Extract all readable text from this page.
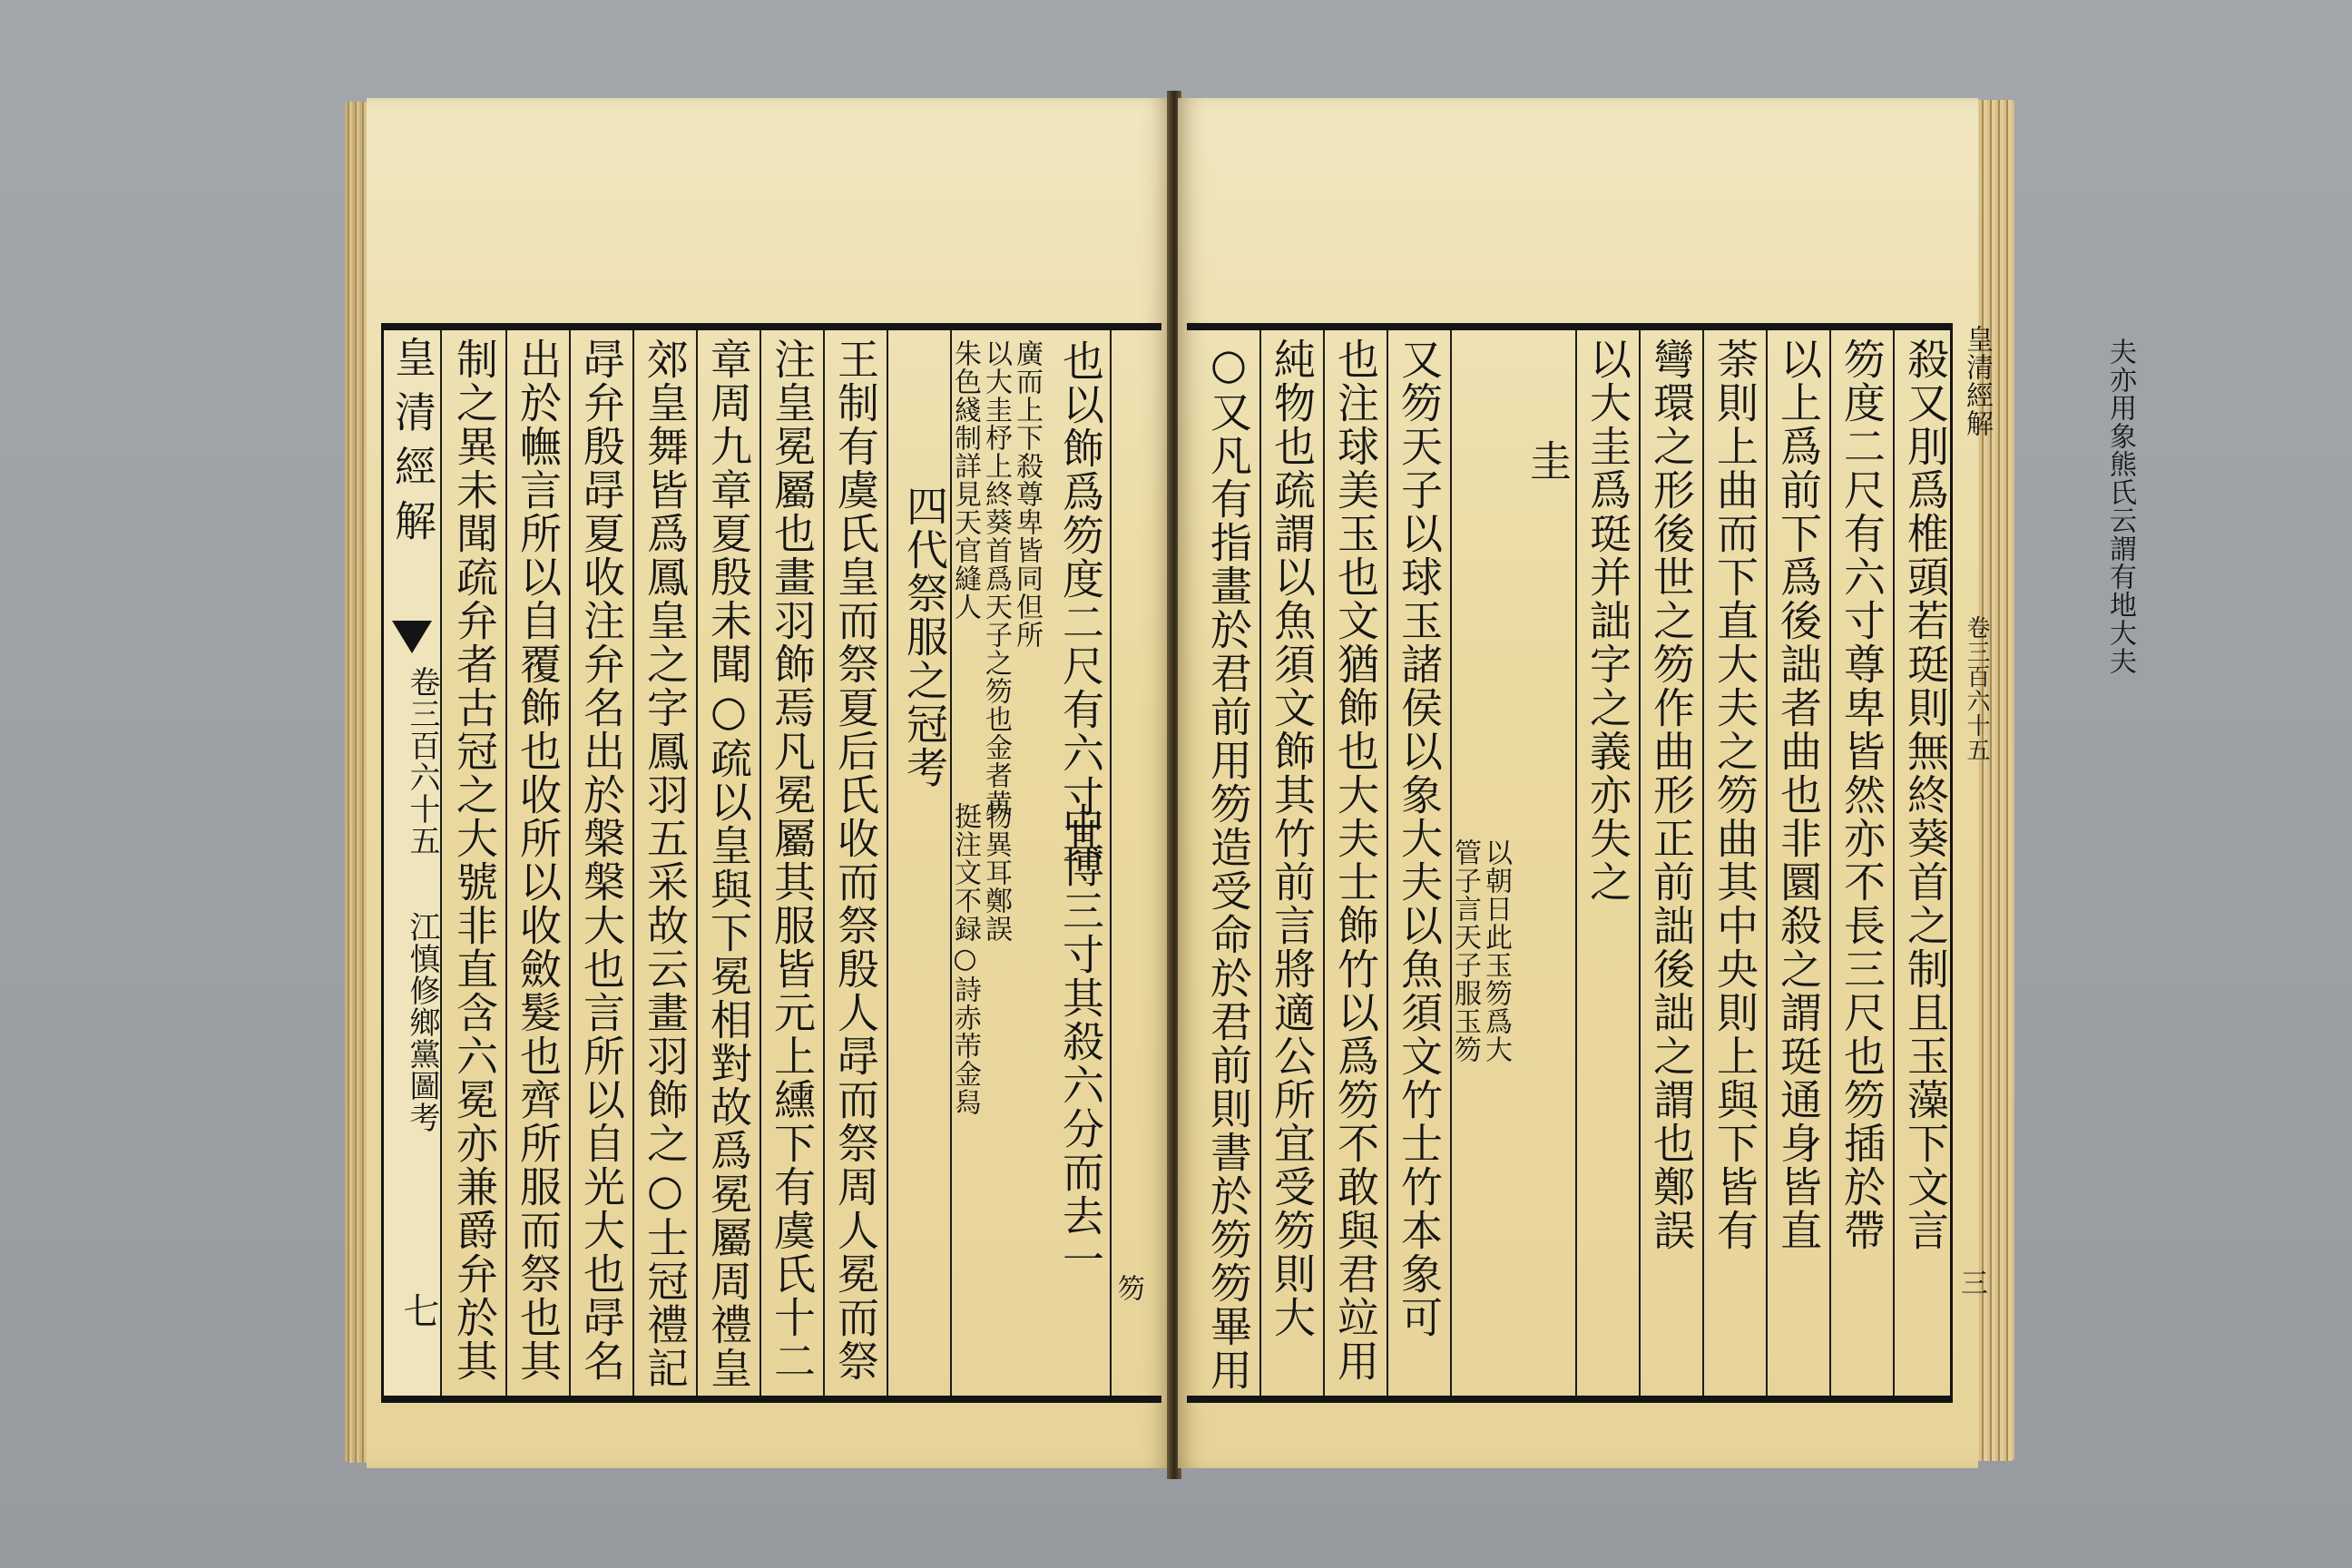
皇清經解
卷三百六十五
江慎修鄉黨圖考
七 制之異未聞疏弁者古冠之大號非直含六冕亦兼爵弁於其 出於幠言所以自覆飾也收所以收斂髮也齊所服而祭也其 冔弁殷冔夏收注弁名出於槃槃大也言所以自光大也冔名 郊皇舞皆爲鳳皇之字鳳羽五采故云畫羽飾之○士冠禮記 章周九章夏殷未聞○疏以皇與下冕相對故爲冕屬周禮皇 注皇冕屬也畫羽飾焉凡冕屬其服皆元上纁下有虞氏十二 王制有虞氏皇而祭夏后氏收而祭殷人冔而祭周人冕而祭 四代祭服之冠考
朱色綫制詳見天官縫人 以大圭杼上終葵首爲天子之笏也金者黄 廣而上下殺尊卑皆同但所 也以飾爲笏度二尺有六寸其
挺注文不録○詩赤芾金舄 物異耳鄭誤 中博三寸其殺六分而去一
笏 ○又凡有指畫於君前用笏造受命於君前則書於笏笏畢用 純物也疏謂以魚須文飾其竹前言將適公所宜受笏則大 也注球美玉也文猶飾也大夫士飾竹以爲笏不敢與君竝用 又笏天子以球玉諸侯以象大夫以魚須文竹士竹本象可 管子言天子服玉笏 以朝日此玉笏爲大
夫亦用象熊氏云謂有地大夫
圭 以大圭爲珽并詘字之義亦失之 彎環之形後世之笏作曲形正前詘後詘之謂也鄭誤 荼則上曲而下直大夫之笏曲其中央則上與下皆有 以上爲前下爲後詘者曲也非圜殺之謂珽通身皆直 笏度二尺有六寸尊卑皆然亦不長三尺也笏插於帶 殺又刖爲椎頭若珽則無終葵首之制且玉藻下文言 皇清經解
卷三百六十五
三
